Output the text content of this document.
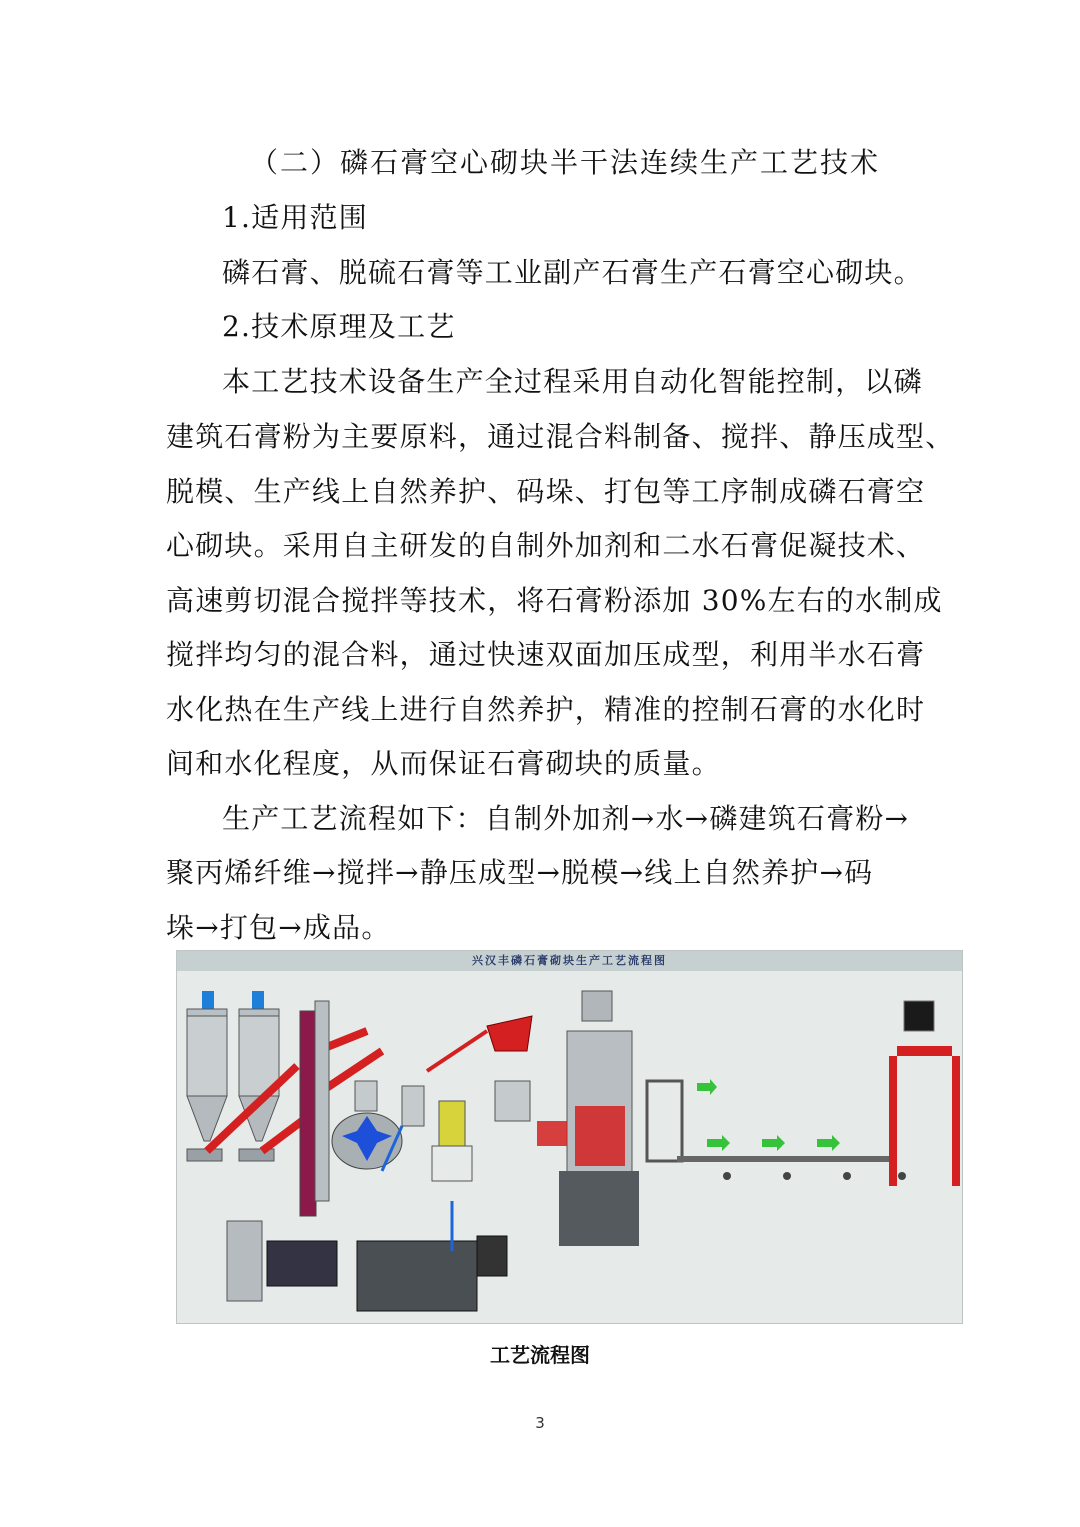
（二）磷石膏空心砌块半干法连续生产工艺技术
1.适用范围
磷石膏、脱硫石膏等工业副产石膏生产石膏空心砌块。
2.技术原理及工艺
本工艺技术设备生产全过程采用自动化智能控制，以磷
建筑石膏粉为主要原料，通过混合料制备、搅拌、静压成型、
脱模、生产线上自然养护、码垛、打包等工序制成磷石膏空
心砌块。采用自主研发的自制外加剂和二水石膏促凝技术、
高速剪切混合搅拌等技术，将石膏粉添加 30%左右的水制成
搅拌均匀的混合料，通过快速双面加压成型，利用半水石膏
水化热在生产线上进行自然养护，精准的控制石膏的水化时
间和水化程度，从而保证石膏砌块的质量。
生产工艺流程如下：自制外加剂→水→磷建筑石膏粉→
聚丙烯纤维→搅拌→静压成型→脱模→线上自然养护→码
垛→打包→成品。
兴汉丰磷石膏砌块生产工艺流程图
工艺流程图
3
